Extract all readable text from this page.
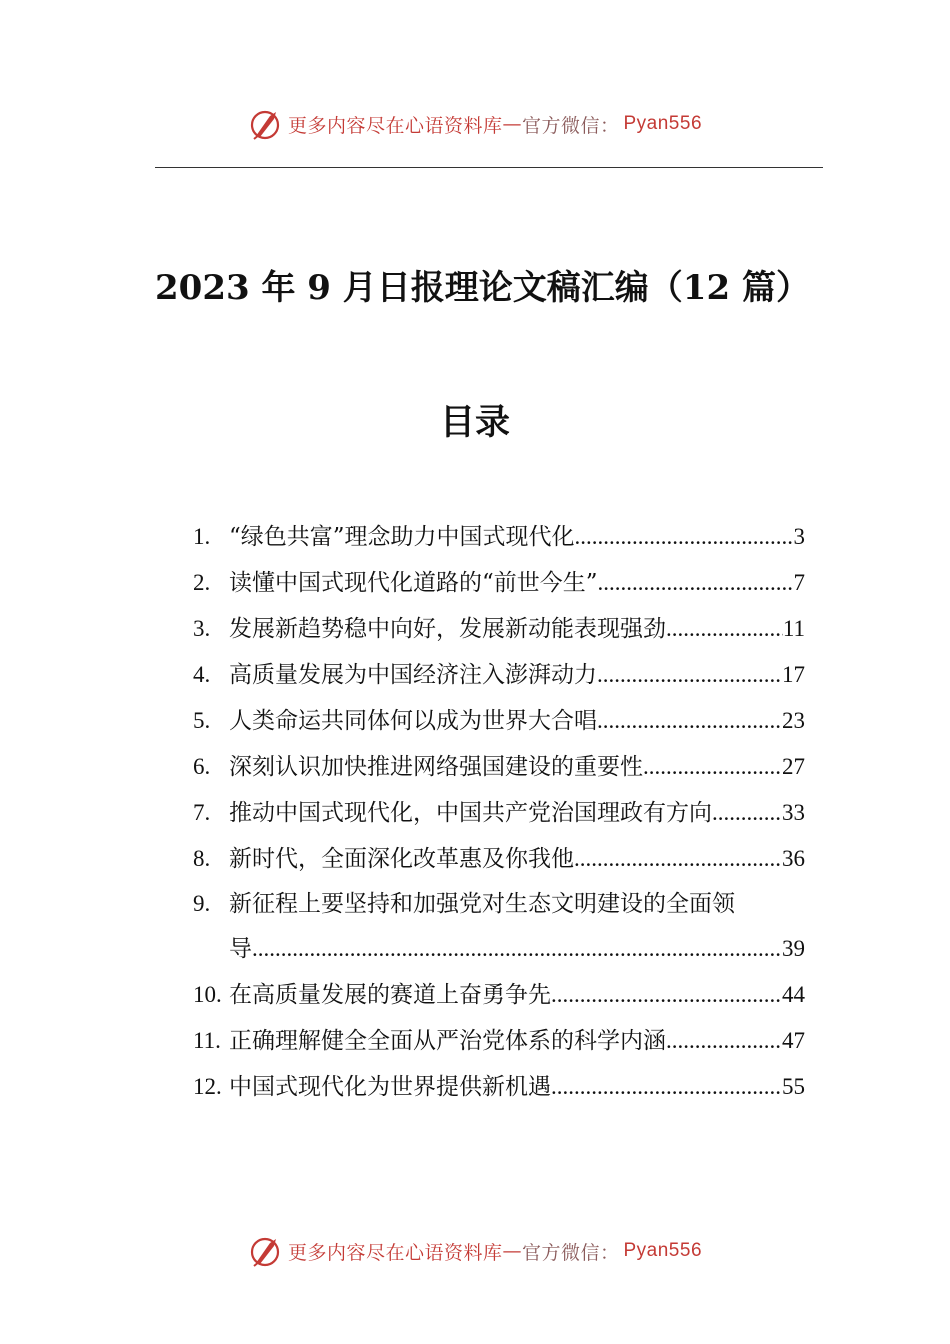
更多内容尽在心语资料库 — 官方微信： Pyan556
2023 年 9 月日报理论文稿汇编（12 篇）
目录
1. “绿色共富”理念助力中国式现代化 .....	3
2. 读懂中国式现代化道路的“前世今生” .....	7
3. 发展新趋势稳中向好，发展新动能表现强劲 .....	11
4. 高质量发展为中国经济注入澎湃动力 .....	17
5. 人类命运共同体何以成为世界大合唱 .....	23
6. 深刻认识加快推进网络强国建设的重要性 .....	27
7. 推动中国式现代化，中国共产党治国理政有方向 .....	33
8. 新时代，全面深化改革惠及你我他 .....	36
9. 新征程上要坚持和加强党对生态文明建设的全面领
导 .....	39
10. 在高质量发展的赛道上奋勇争先 .....	44
11. 正确理解健全全面从严治党体系的科学内涵 .....	47
12. 中国式现代化为世界提供新机遇 .....	55
更多内容尽在心语资料库 — 官方微信： Pyan556
